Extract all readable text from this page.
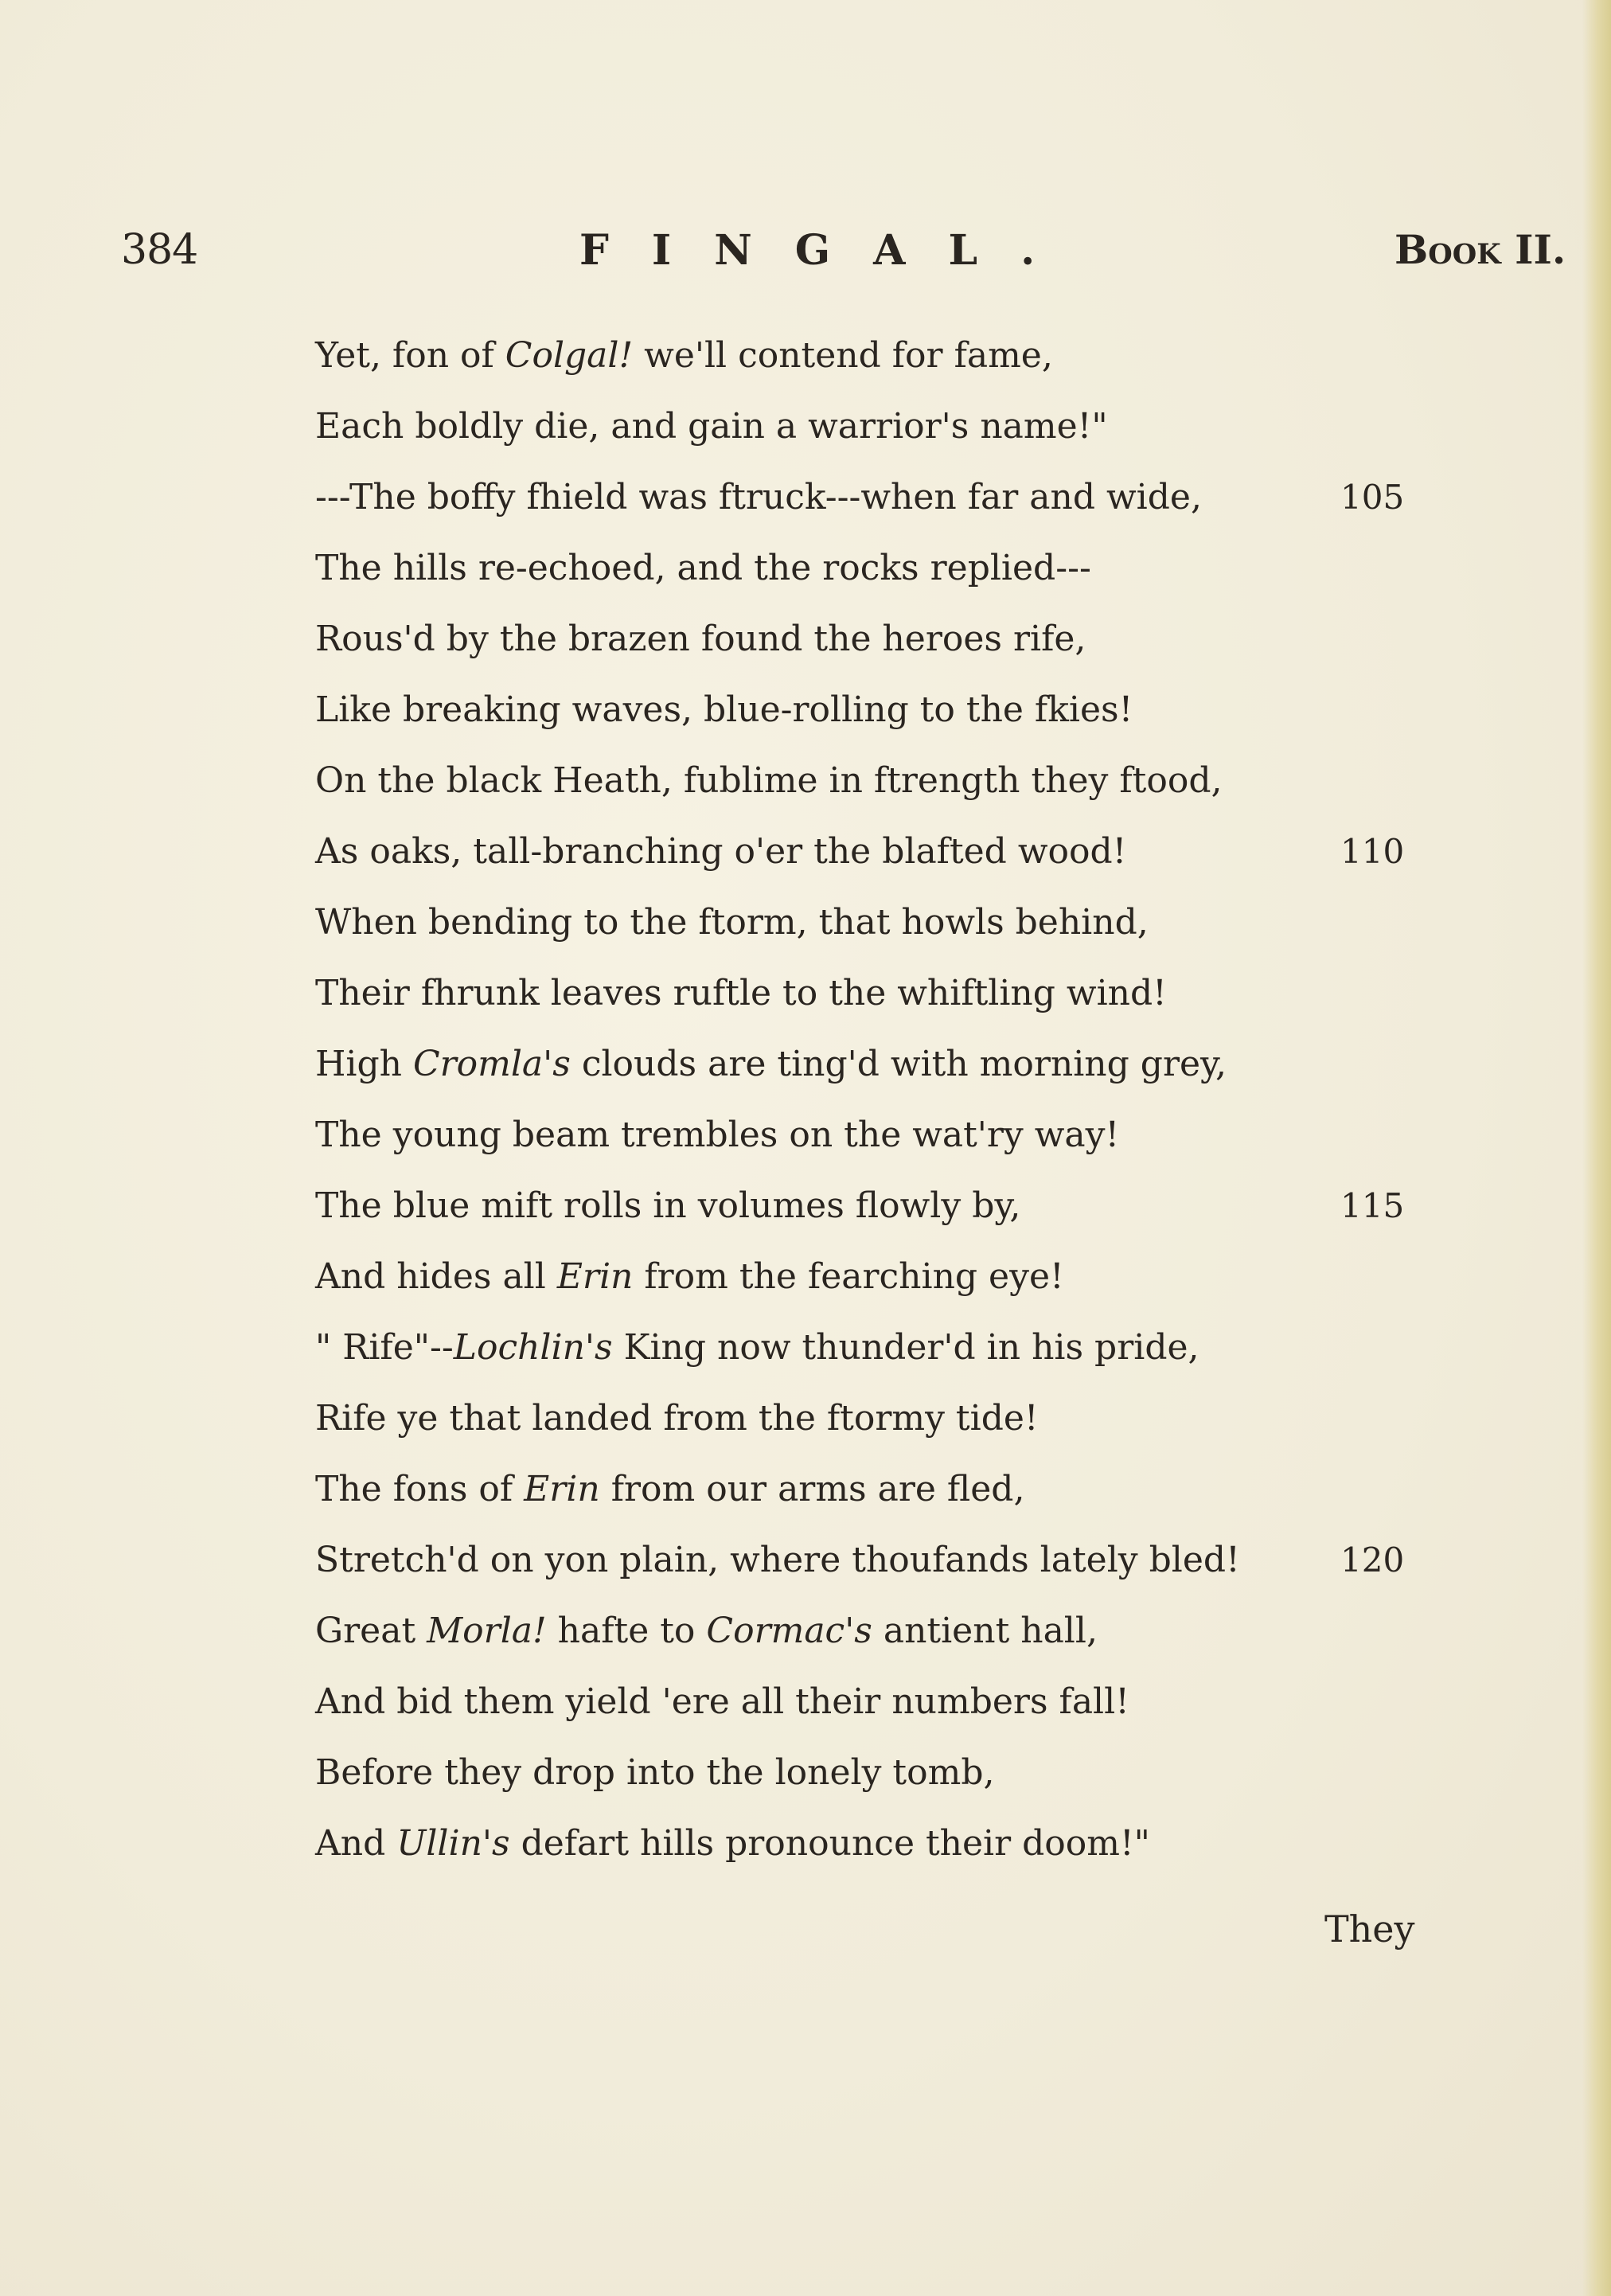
384	FINGAL.	Book II.
Yet, fon of Colgal! we'll contend for fame,
Each boldly die, and gain a warrior's name!"
---The boffy fhield was ftruck---when far and wide,	105
The hills re-echoed, and the rocks replied---
Rous'd by the brazen found the heroes rife,
Like breaking waves, blue-rolling to the fkies!
On the black Heath, fublime in ftrength they ftood,
As oaks, tall-branching o'er the blafted wood!	110
When bending to the ftorm, that howls behind,
Their fhrunk leaves ruftle to the whiftling wind!
High Cromla's clouds are ting'd with morning grey,
The young beam trembles on the wat'ry way!
The blue mift rolls in volumes flowly by,	115
And hides all Erin from the fearching eye!
" Rife"--Lochlin's King now thunder'd in his pride,
Rife ye that landed from the ftormy tide!
The fons of Erin from our arms are fled,
Stretch'd on yon plain, where thoufands lately bled!	120
Great Morla! hafte to Cormac's antient hall,
And bid them yield 'ere all their numbers fall!
Before they drop into the lonely tomb,
And Ullin's defart hills pronounce their doom!"
They
